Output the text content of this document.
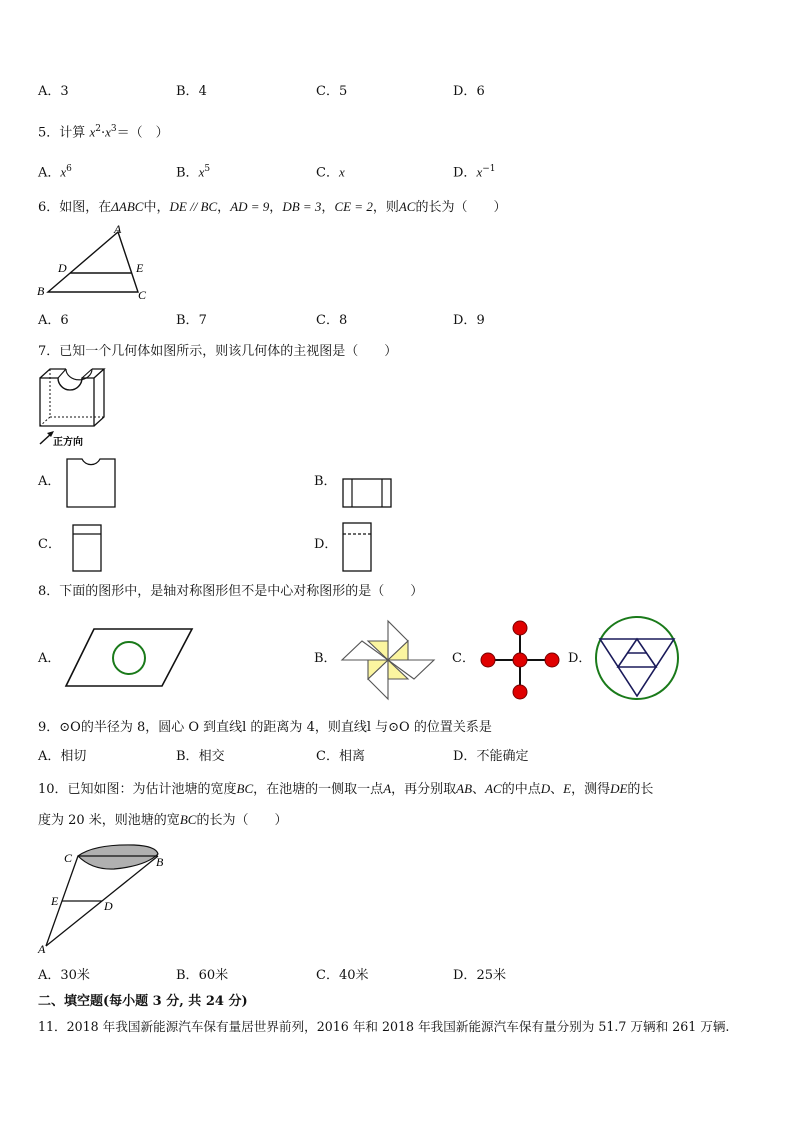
A．3	B．4	C．5	D．6
5．计算 $x^2\cdot x^3=$（　）
A．$x^6$	B．$x^5$	C．x	D．$x^{-1}$
6．如图，在ΔABC中，DE // BC，AD = 9，DB = 3，CE = 2，则AC的长为（　　）
A
D	E
B	C
A．6	B．7	C．8	D．9
7．已知一个几何体如图所示，则该几何体的主视图是（　　）
正方向
A．	B．
C．	D．
8．下面的图形中，是轴对称图形但不是中心对称图形的是（　　）
A．	B．	C．	D．
9．⊙O的半径为 8，圆心 O 到直线l 的距离为 4，则直线l 与⊙O 的位置关系是
A．相切	B．相交	C．相离	D．不能确定
10．已知如图：为估计池塘的宽度BC，在池塘的一侧取一点A，再分别取AB、AC的中点D、E，测得DE的长
度为 20 米，则池塘的宽BC的长为（　　）
C	B
E	D
A
A．30米	B．60米	C．40米	D．25米
二、填空题(每小题 3 分, 共 24 分)
11．2018 年我国新能源汽车保有量居世界前列，2016 年和 2018 年我国新能源汽车保有量分别为 51.7 万辆和 261 万辆.
